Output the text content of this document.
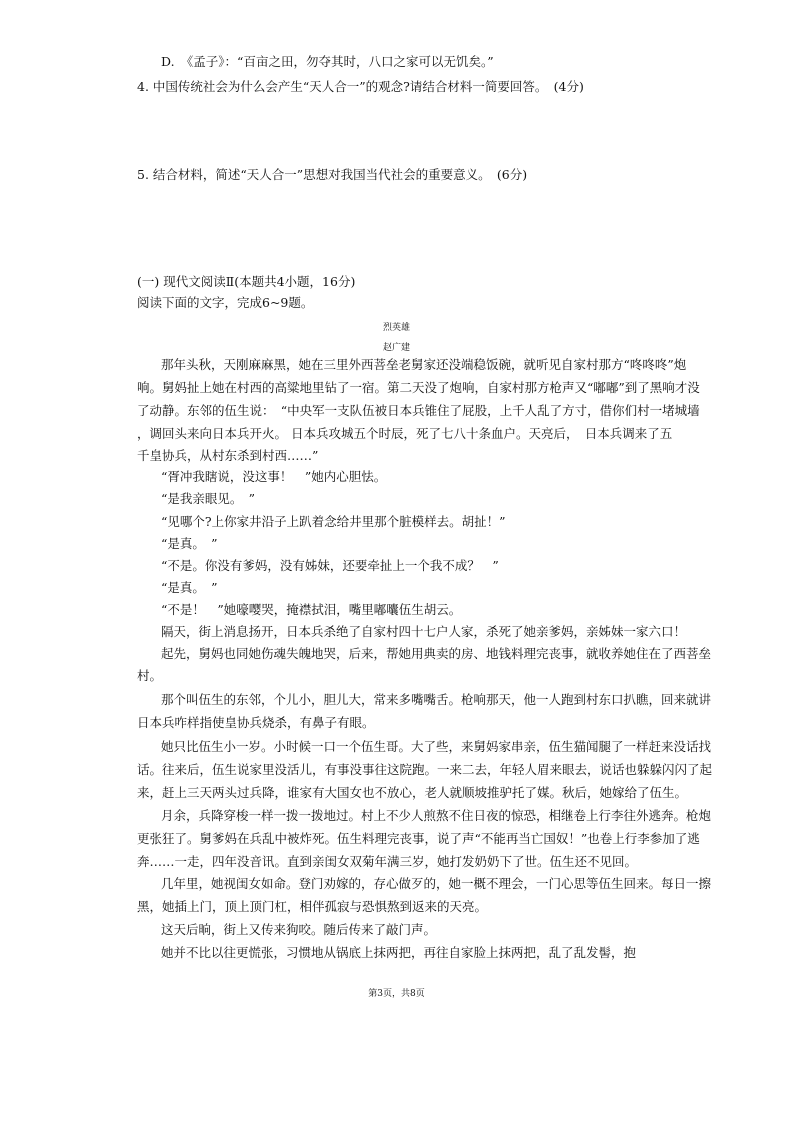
D.　《孟子》：“百亩之田，勿夺其时，八口之家可以无饥矣。”
4. 中国传统社会为什么会产生“天人合一”的观念?请结合材料一简要回答。　(4分)
5. 结合材料，简述“天人合一”思想对我国当代社会的重要意义。　(6分)
(一) 现代文阅读Ⅱ(本题共4小题，16分)
阅读下面的文字，完成6~9题。
烈英雄
赵广建
那年头秋，天刚麻麻黑，她在三里外西菩垒老舅家还没端稳饭碗，就听见自家村那方“咚咚咚”炮
响。舅妈扯上她在村西的高粱地里钻了一宿。第二天没了炮响，自家村那方枪声又“嘟嘟”到了黑响才没
了动静。东邻的伍生说：　“中央军一支队伍被日本兵锥住了屁股，上千人乱了方寸，借你们村一堵城墙
，调回头来向日本兵开火。 日本兵攻城五个时辰，死了七八十条血户。天亮后，　日本兵调来了五
千皇协兵，从村东杀到村西……”
“胥冲我瞎说，没这事！　”她内心胆怯。
“是我亲眼见。　”
“见哪个?上你家井沿子上趴着念给井里那个脏模样去。胡扯！”
“是真。　”
“不是。你没有爹妈，没有姊妹，还要牵扯上一个我不成？　”
“是真。　”
“不是！　”她嚎嘤哭，掩襟拭泪，嘴里嘟囔伍生胡云。
隔天，街上消息扬开，日本兵杀绝了自家村四十七户人家，杀死了她亲爹妈，亲姊妹一家六口！
起先，舅妈也同她伤魂失魄地哭，后来，帮她用典卖的房、地钱料理完丧事，就收养她住在了西菩垒
村。
那个叫伍生的东邻，个儿小，胆儿大，常来多嘴嘴舌。枪响那天，他一人跑到村东口扒瞧，回来就讲
日本兵咋样指使皇协兵烧杀，有鼻子有眼。
她只比伍生小一岁。小时候一口一个伍生哥。大了些，来舅妈家串亲，伍生猫闻腿了一样赶来没话找
话。往来后，伍生说家里没活儿，有事没事往这院跑。一来二去，年轻人眉来眼去，说话也躲躲闪闪了起
来，赶上三天两头过兵降，谁家有大国女也不放心，老人就顺坡推驴托了媒。秋后，她嫁给了伍生。
月余，兵降穿梭一样一拨一拨地过。村上不少人煎熬不住日夜的惊恐，相继卷上行李往外逃奔。枪炮
更张狂了。舅爹妈在兵乱中被炸死。伍生料理完丧事，说了声“不能再当亡国奴！”也卷上行李参加了逃
奔……一走，四年没音讯。直到亲闺女双菊年满三岁，她打发奶奶下了世。伍生还不见回。
几年里，她视闺女如命。登门劝嫁的，存心做歹的，她一概不理会，一门心思等伍生回来。每日一擦
黑，她插上门，顶上顶门杠，相伴孤寂与恐惧熬到返来的天亮。
这天后晌，街上又传来狗咬。随后传来了敲门声。
她并不比以往更慌张，习惯地从锅底上抹两把，再往自家脸上抹两把，乱了乱发髻，抱
第3页，共8页
